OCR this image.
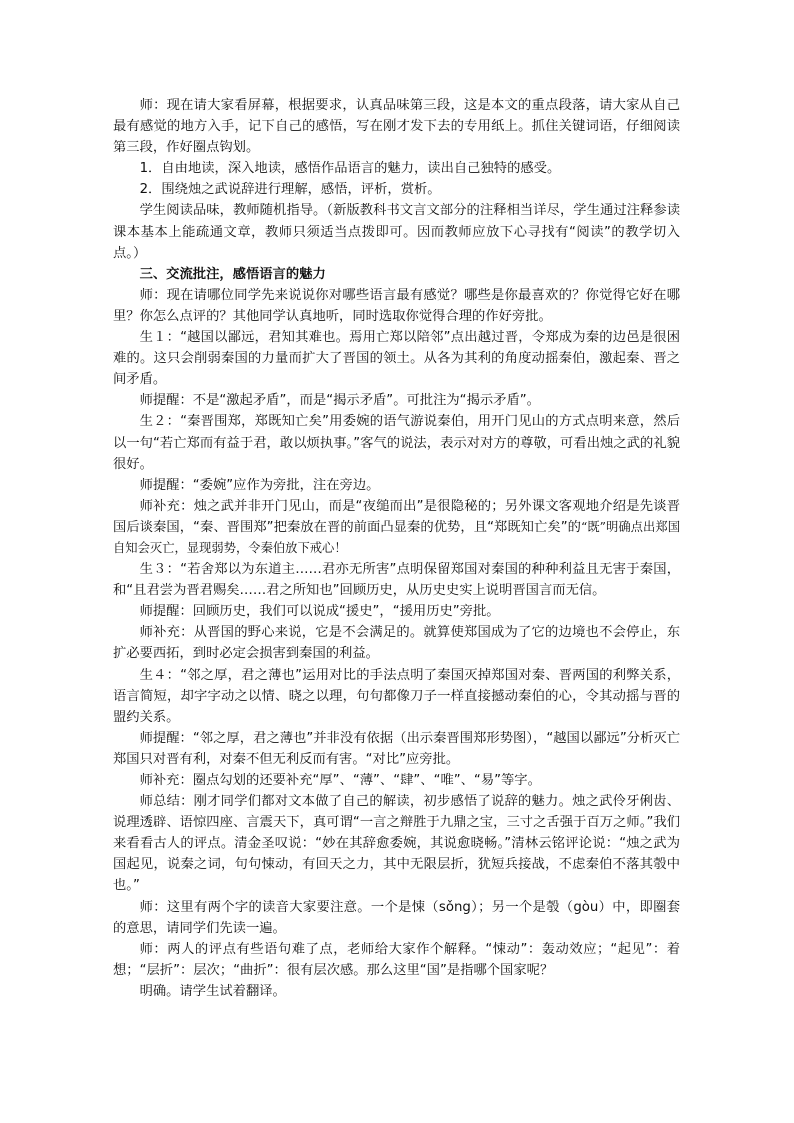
师：现在请大家看屏幕，根据要求，认真品味第三段，这是本文的重点段落，请大家从自己最有感觉的地方入手，记下自己的感悟，写在刚才发下去的专用纸上。抓住关键词语，仔细阅读第三段，作好圈点钩划。

1．自由地读，深入地读，感悟作品语言的魅力，读出自己独特的感受。

2．围绕烛之武说辞进行理解，感悟，评析，赏析。

学生阅读品味，教师随机指导。（新版教科书文言文部分的注释相当详尽，学生通过注释参读课本基本上能疏通文章，教师只须适当点拨即可。因而教师应放下心寻找有“阅读”的教学切入点。）

三、交流批注，感悟语言的魅力

师：现在请哪位同学先来说说你对哪些语言最有感觉？哪些是你最喜欢的？你觉得它好在哪里？你怎么点评的？其他同学认真地听，同时选取你觉得合理的作好旁批。

生１：“越国以鄙远，君知其难也。焉用亡郑以陪邻”点出越过晋，令郑成为秦的边邑是很困难的。这只会削弱秦国的力量而扩大了晋国的领土。从各为其利的角度动摇秦伯，激起秦、晋之间矛盾。

师提醒：不是“激起矛盾”，而是“揭示矛盾”。可批注为“揭示矛盾”。

生２：“秦晋围郑，郑既知亡矣”用委婉的语气游说秦伯，用开门见山的方式点明来意，然后以一句“若亡郑而有益于君，敢以烦执事。”客气的说法，表示对对方的尊敬，可看出烛之武的礼貌很好。

师提醒：“委婉”应作为旁批，注在旁边。

师补充：烛之武并非开门见山，而是“夜缒而出”是很隐秘的；另外课文客观地介绍是先谈晋国后谈秦国，“秦、晋围郑”把秦放在晋的前面凸显秦的优势，且“郑既知亡矣”的“既”明确点出郑国自知会灭亡，显现弱势，令秦伯放下戒心！

生３：“若舍郑以为东道主……君亦无所害”点明保留郑国对秦国的种种利益且无害于秦国，和“且君尝为晋君赐矣……君之所知也”回顾历史，从历史史实上说明晋国言而无信。

师提醒：回顾历史，我们可以说成“援史”，“援用历史”旁批。

师补充：从晋国的野心来说，它是不会满足的。就算使郑国成为了它的边境也不会停止，东扩必要西拓，到时必定会损害到秦国的利益。

生４：“邻之厚，君之薄也”运用对比的手法点明了秦国灭掉郑国对秦、晋两国的利弊关系，语言简短，却字字动之以情、晓之以理，句句都像刀子一样直接撼动秦伯的心，令其动摇与晋的盟约关系。

师提醒：“邻之厚，君之薄也”并非没有依据（出示秦晋围郑形势图），“越国以鄙远”分析灭亡郑国只对晋有利，对秦不但无利反而有害。“对比”应旁批。

师补充：圈点勾划的还要补充“厚”、“薄”、“肆”、“唯”、“易”等字。

师总结：刚才同学们都对文本做了自己的解读，初步感悟了说辞的魅力。烛之武伶牙俐齿、说理透辟、语惊四座、言震天下，真可谓“一言之辩胜于九鼎之宝，三寸之舌强于百万之师。”我们来看看古人的评点。清金圣叹说：“妙在其辞愈委婉，其说愈晓畅。”清林云铭评论说：“烛之武为国起见，说秦之词，句句悚动，有回天之力，其中无限层折，犹短兵接战，不虑秦伯不落其彀中也。”

师：这里有两个字的读音大家要注意。一个是悚（sǒng）；另一个是彀（gòu）中，即圈套的意思，请同学们先读一遍。

师：两人的评点有些语句难了点，老师给大家作个解释。“悚动”：轰动效应；“起见”：着想；“层折”：层次；“曲折”：很有层次感。那么这里“国”是指哪个国家呢？

明确。请学生试着翻译。
